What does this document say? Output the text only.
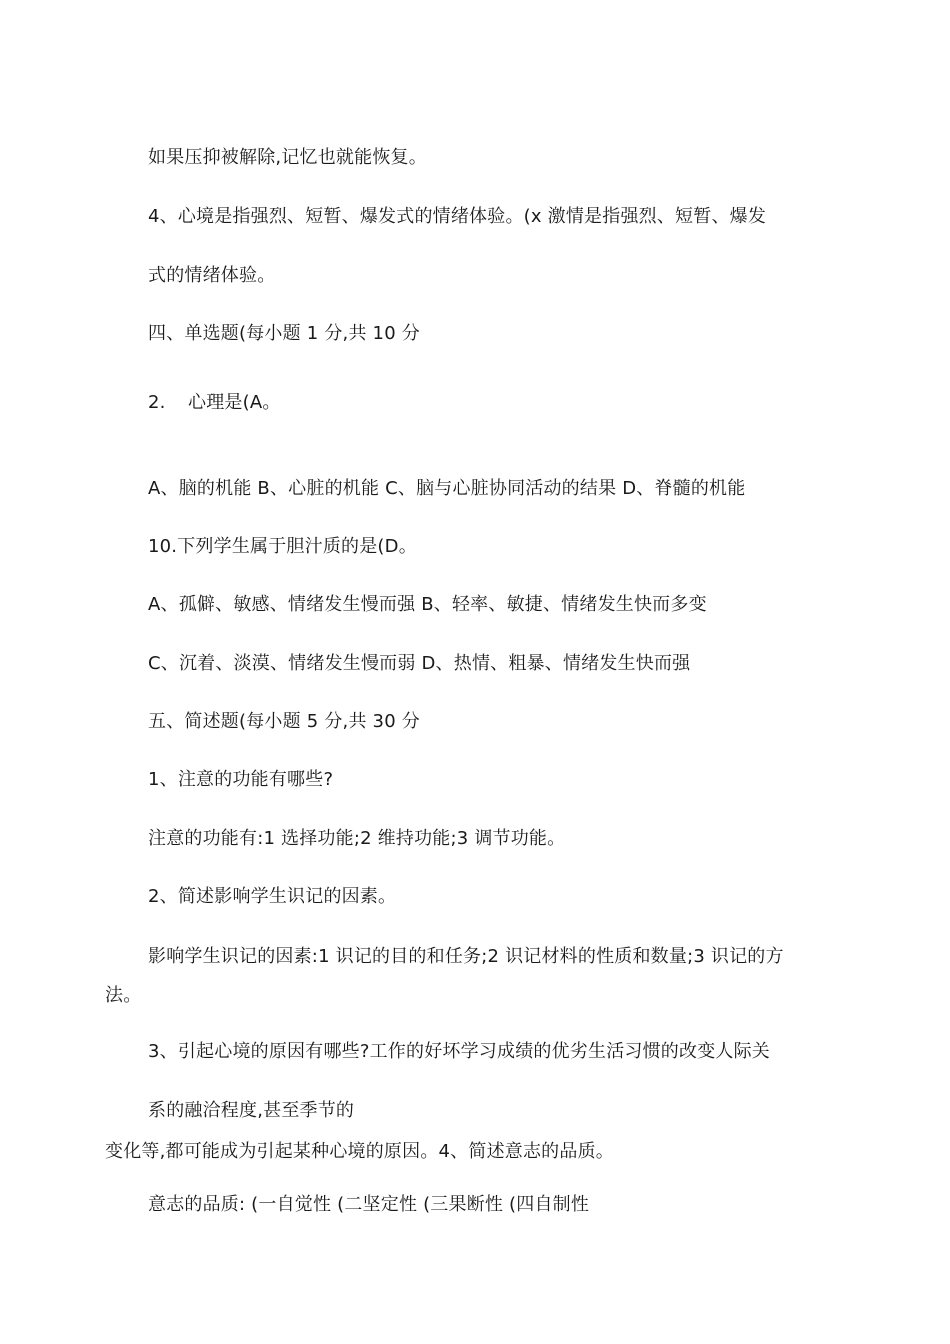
如果压抑被解除,记忆也就能恢复。
4、心境是指强烈、短暂、爆发式的情绪体验。(x 激情是指强烈、短暂、爆发
式的情绪体验。
四、单选题(每小题 1 分,共 10 分
2. 心理是(A。
A、脑的机能 B、心脏的机能 C、脑与心脏协同活动的结果 D、脊髓的机能
10.下列学生属于胆汁质的是(D。
A、孤僻、敏感、情绪发生慢而强 B、轻率、敏捷、情绪发生快而多变
C、沉着、淡漠、情绪发生慢而弱 D、热情、粗暴、情绪发生快而强
五、简述题(每小题 5 分,共 30 分
1、注意的功能有哪些?
注意的功能有:1 选择功能;2 维持功能;3 调节功能。
2、简述影响学生识记的因素。
影响学生识记的因素:1 识记的目的和任务;2 识记材料的性质和数量;3 识记的方
法。
3、引起心境的原因有哪些?工作的好坏学习成绩的优劣生活习惯的改变人际关
系的融洽程度,甚至季节的
变化等,都可能成为引起某种心境的原因。4、简述意志的品质。
意志的品质: (一自觉性 (二坚定性 (三果断性 (四自制性
